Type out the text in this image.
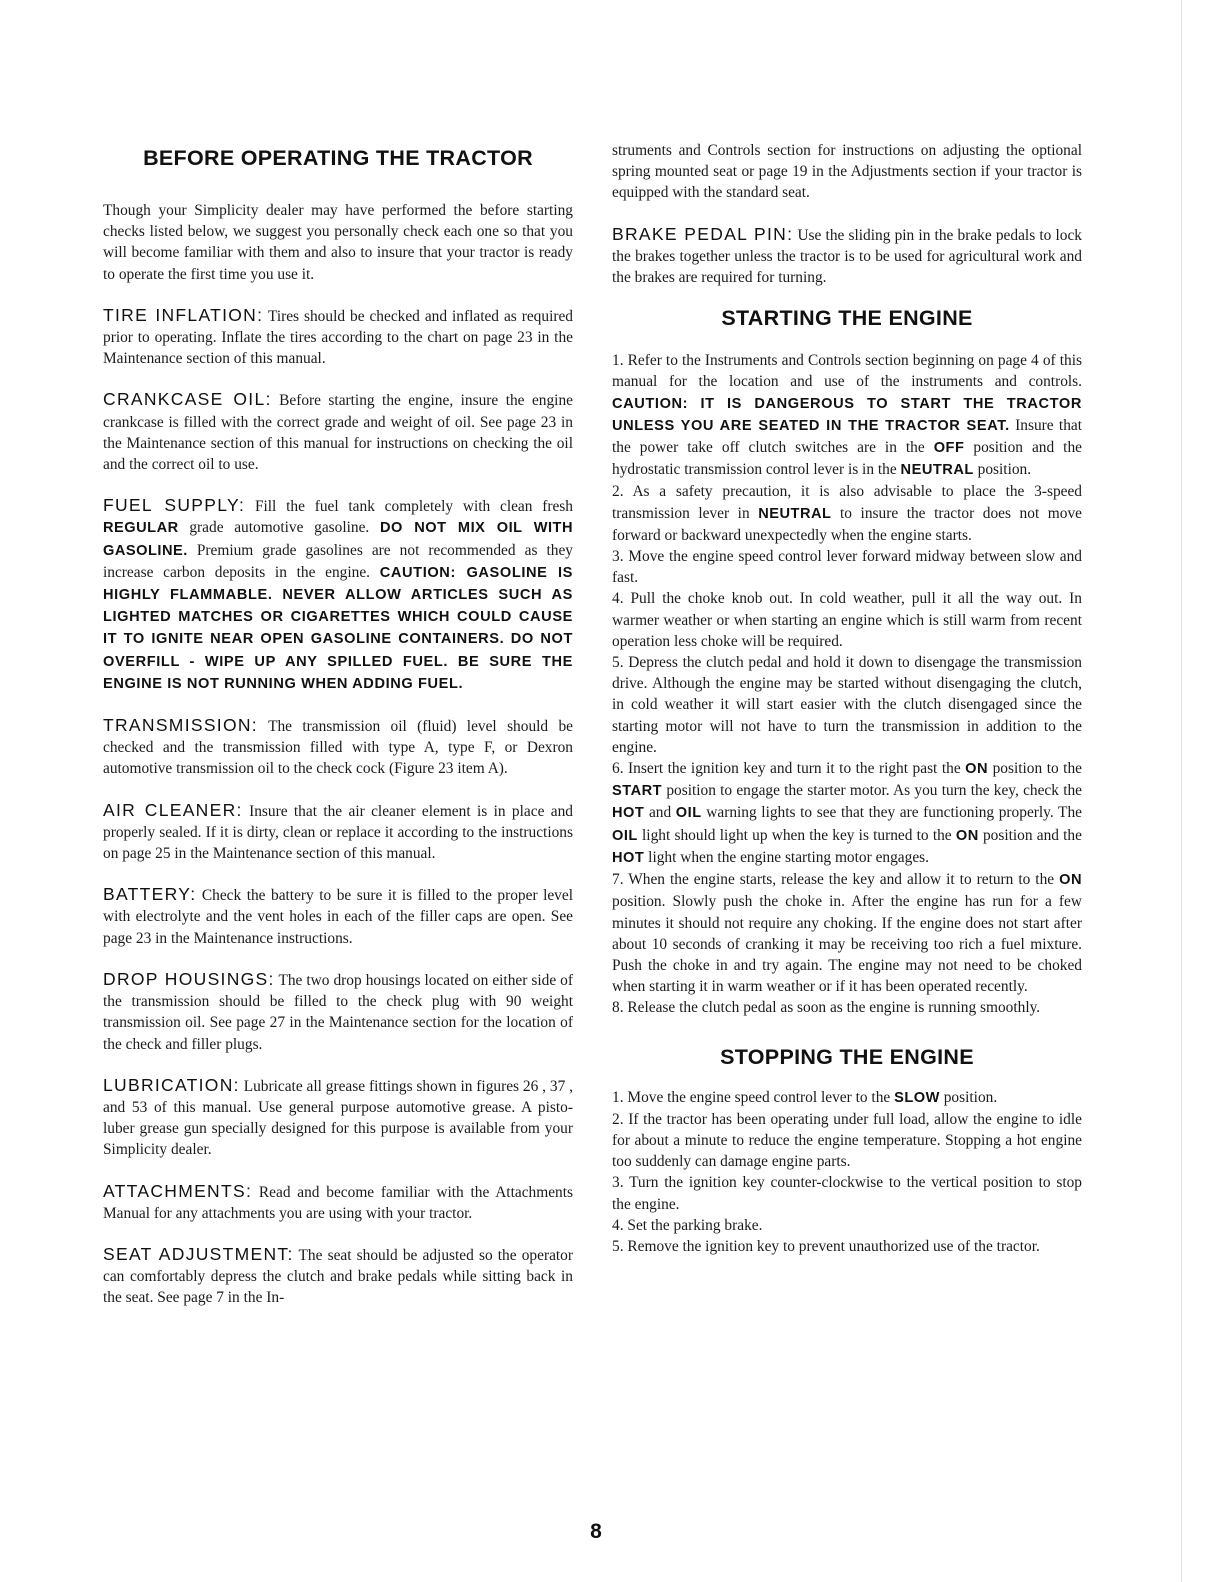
BEFORE OPERATING THE TRACTOR

Though your Simplicity dealer may have performed the before starting checks listed below, we suggest you personally check each one so that you will become familiar with them and also to insure that your tractor is ready to operate the first time you use it.

TIRE INFLATION: Tires should be checked and inflated as required prior to operating. Inflate the tires according to the chart on page 23 in the Maintenance section of this manual.

CRANKCASE OIL: Before starting the engine, insure the engine crankcase is filled with the correct grade and weight of oil. See page 23 in the Maintenance section of this manual for instructions on checking the oil and the correct oil to use.

FUEL SUPPLY: Fill the fuel tank completely with clean fresh REGULAR grade automotive gasoline. DO NOT MIX OIL WITH GASOLINE. Premium grade gasolines are not recommended as they increase carbon deposits in the engine. CAUTION: GASOLINE IS HIGHLY FLAMMABLE. NEVER ALLOW ARTICLES SUCH AS LIGHTED MATCHES OR CIGARETTES WHICH COULD CAUSE IT TO IGNITE NEAR OPEN GASOLINE CONTAINERS. DO NOT OVERFILL - WIPE UP ANY SPILLED FUEL. BE SURE THE ENGINE IS NOT RUNNING WHEN ADDING FUEL.

TRANSMISSION: The transmission oil (fluid) level should be checked and the transmission filled with type A, type F, or Dexron automotive transmission oil to the check cock (Figure 23 item A).

AIR CLEANER: Insure that the air cleaner element is in place and properly sealed. If it is dirty, clean or replace it according to the instructions on page 25 in the Maintenance section of this manual.

BATTERY: Check the battery to be sure it is filled to the proper level with electrolyte and the vent holes in each of the filler caps are open. See page 23 in the Maintenance instructions.

DROP HOUSINGS: The two drop housings located on either side of the transmission should be filled to the check plug with 90 weight transmission oil. See page 27 in the Maintenance section for the location of the check and filler plugs.

LUBRICATION: Lubricate all grease fittings shown in figures 26 , 37 , and 53 of this manual. Use general purpose automotive grease. A pisto-luber grease gun specially designed for this purpose is available from your Simplicity dealer.

ATTACHMENTS: Read and become familiar with the Attachments Manual for any attachments you are using with your tractor.

SEAT ADJUSTMENT: The seat should be adjusted so the operator can comfortably depress the clutch and brake pedals while sitting back in the seat. See page 7 in the In-

struments and Controls section for instructions on adjusting the optional spring mounted seat or page 19 in the Adjustments section if your tractor is equipped with the standard seat.

BRAKE PEDAL PIN: Use the sliding pin in the brake pedals to lock the brakes together unless the tractor is to be used for agricultural work and the brakes are required for turning.

STARTING THE ENGINE

1. Refer to the Instruments and Controls section beginning on page 4 of this manual for the location and use of the instruments and controls. CAUTION: IT IS DANGEROUS TO START THE TRACTOR UNLESS YOU ARE SEATED IN THE TRACTOR SEAT. Insure that the power take off clutch switches are in the OFF position and the hydrostatic transmission control lever is in the NEUTRAL position.

2. As a safety precaution, it is also advisable to place the 3-speed transmission lever in NEUTRAL to insure the tractor does not move forward or backward unexpectedly when the engine starts.

3. Move the engine speed control lever forward midway between slow and fast.

4. Pull the choke knob out. In cold weather, pull it all the way out. In warmer weather or when starting an engine which is still warm from recent operation less choke will be required.

5. Depress the clutch pedal and hold it down to disengage the transmission drive. Although the engine may be started without disengaging the clutch, in cold weather it will start easier with the clutch disengaged since the starting motor will not have to turn the transmission in addition to the engine.

6. Insert the ignition key and turn it to the right past the ON position to the START position to engage the starter motor. As you turn the key, check the HOT and OIL warning lights to see that they are functioning properly. The OIL light should light up when the key is turned to the ON position and the HOT light when the engine starting motor engages.

7. When the engine starts, release the key and allow it to return to the ON position. Slowly push the choke in. After the engine has run for a few minutes it should not require any choking. If the engine does not start after about 10 seconds of cranking it may be receiving too rich a fuel mixture. Push the choke in and try again. The engine may not need to be choked when starting it in warm weather or if it has been operated recently.

8. Release the clutch pedal as soon as the engine is running smoothly.

STOPPING THE ENGINE

1. Move the engine speed control lever to the SLOW position.

2. If the tractor has been operating under full load, allow the engine to idle for about a minute to reduce the engine temperature. Stopping a hot engine too suddenly can damage engine parts.

3. Turn the ignition key counter-clockwise to the vertical position to stop the engine.

4. Set the parking brake.

5. Remove the ignition key to prevent unauthorized use of the tractor.

8
